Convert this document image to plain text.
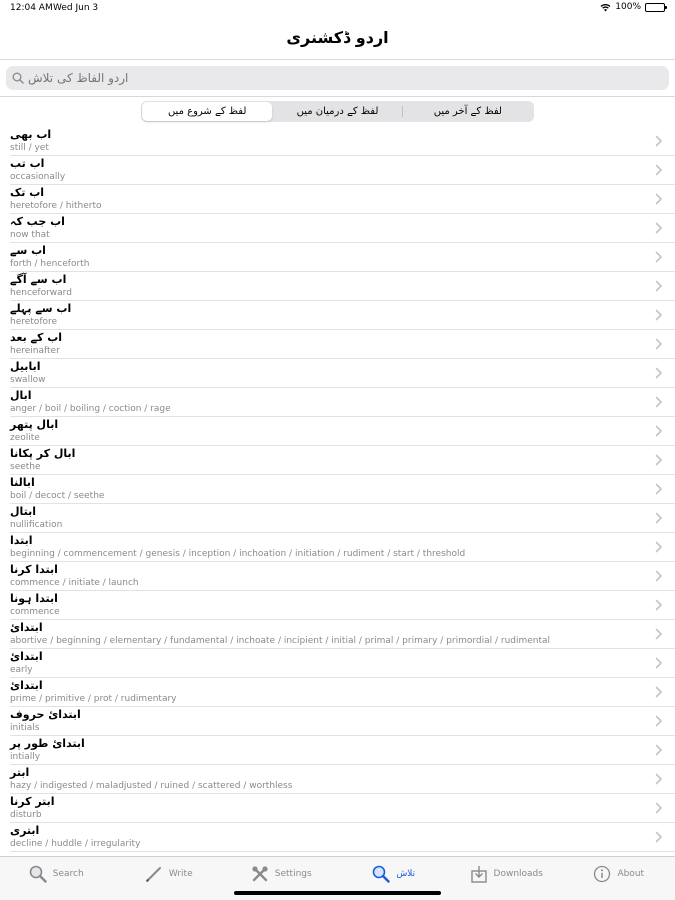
12:04 AM Wed Jun 3	100%
اردو ڈکشنری
اردو الفاظ کی تلاش
لفظ کے شروع میں	لفظ کے درمیان میں	لفظ کے آخر میں
اب بھی
still / yet
اب تب
occasionally
اب تک
heretofore / hitherto
اب جب کہ
now that
اب سے
forth / henceforth
اب سے آگے
henceforward
اب سے پہلے
heretofore
اب کے بعد
hereinafter
ابابیل
swallow
ابال
anger / boil / boiling / coction / rage
ابال پتھر
zeolite
ابال کر پکانا
seethe
ابالنا
boil / decoct / seethe
ابتال
nullification
ابتدا
beginning / commencement / genesis / inception / inchoation / initiation / rudiment / start / threshold
ابتدا کرنا
commence / initiate / launch
ابتدا ہونا
commence
ابتدائ
abortive / beginning / elementary / fundamental / inchoate / incipient / initial / primal / primary / primordial / rudimental
ابتدائ
early
ابتدائ
prime / primitive / prot / rudimentary
ابتدائ حروف
initials
ابتدائ طور پر
intially
ابتر
hazy / indigested / maladjusted / ruined / scattered / worthless
ابتر کرنا
disturb
ابتری
decline / huddle / irregularity
Search	Write	Settings	تلاش	Downloads	About
